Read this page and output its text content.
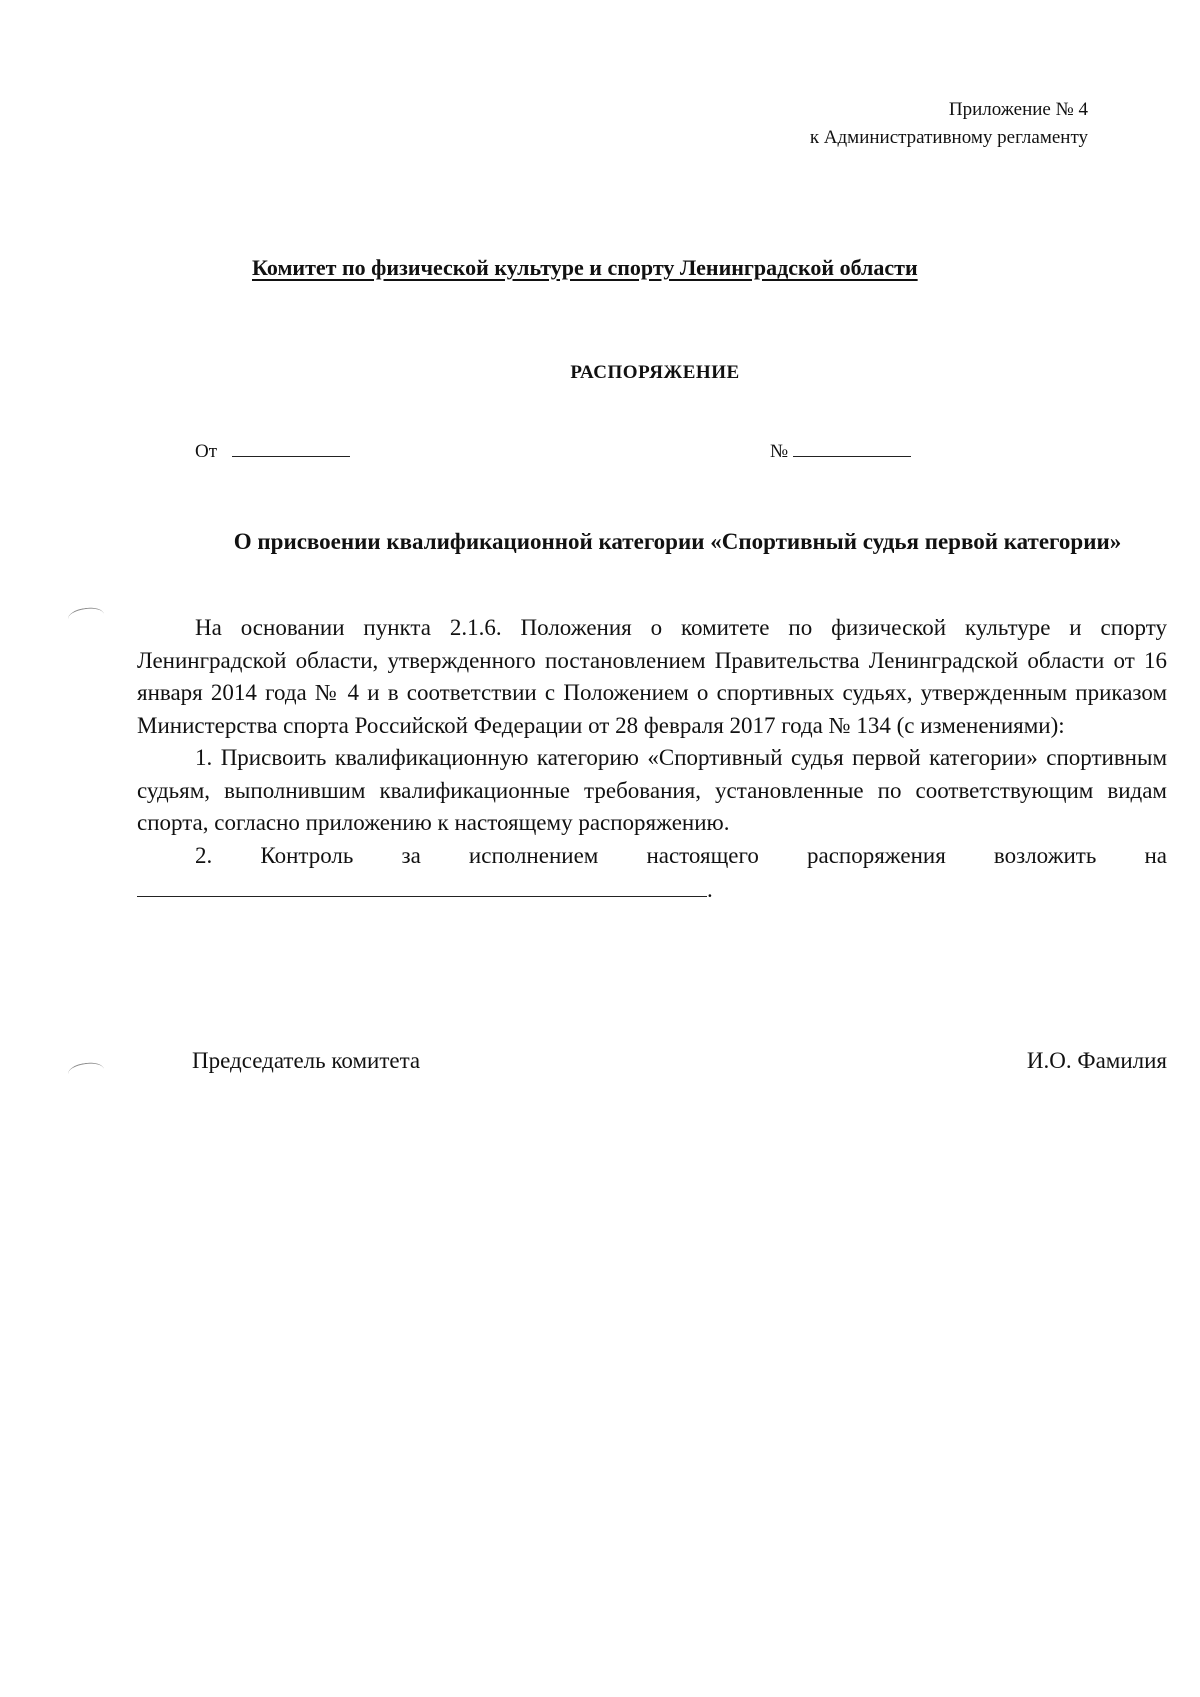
Приложение № 4
к Административному регламенту
Комитет по физической культуре и спорту Ленинградской области
РАСПОРЯЖЕНИЕ
От	№
О присвоении квалификационной категории «Спортивный судья первой категории»

На основании пункта 2.1.6. Положения о комитете по физической культуре и спорту Ленинградской области, утвержденного постановлением Правительства Ленинградской области от 16 января 2014 года № 4 и в соответствии с Положением о спортивных судьях, утвержденным приказом Министерства спорта Российской Федерации от 28 февраля 2017 года № 134 (с изменениями):

1. Присвоить квалификационную категорию «Спортивный судья первой категории» спортивным судьям, выполнившим квалификационные требования, установленные по соответствующим видам спорта, согласно приложению к настоящему распоряжению.

2. Контроль за исполнением настоящего распоряжения возложить на

.
Председатель комитета	И.О. Фамилия
